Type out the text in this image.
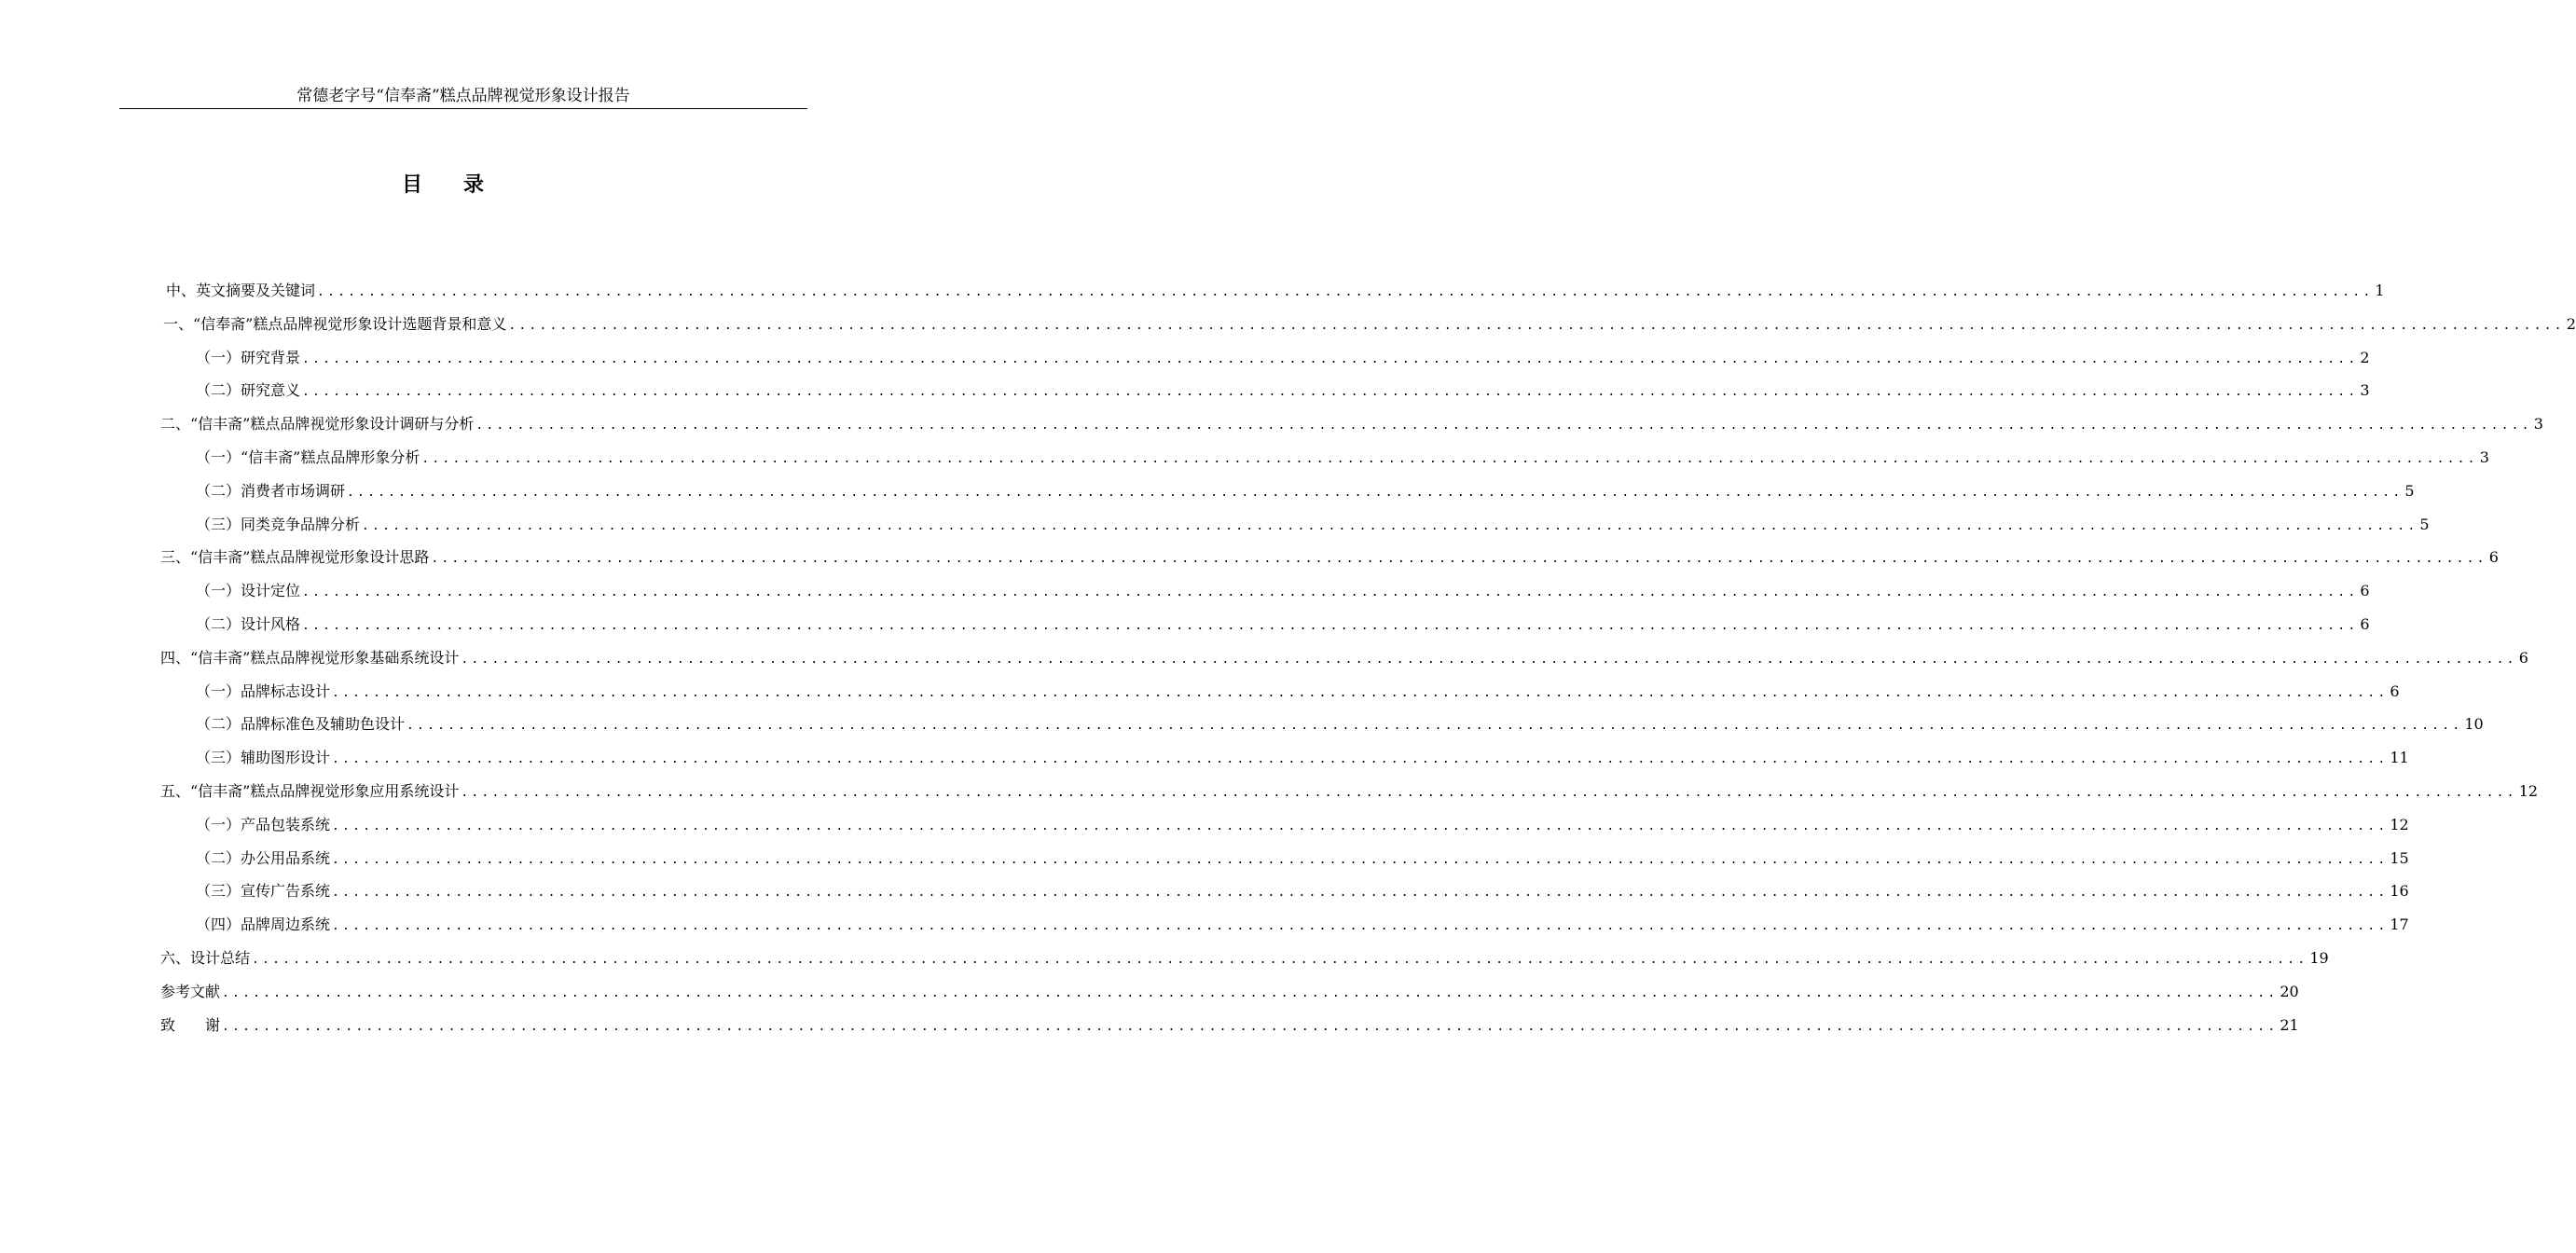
常德老字号“信奉斋”糕点品牌视觉形象设计报告
目录
中、英文摘要及关键词 ........................................................................................................................................................................................................ 1
一、“信奉斋”糕点品牌视觉形象设计选题背景和意义 ........................................................................................................................................................................................................ 2
（一）研究背景 ........................................................................................................................................................................................................ 2
（二）研究意义 ........................................................................................................................................................................................................ 3
二、“信丰斋”糕点品牌视觉形象设计调研与分析 ........................................................................................................................................................................................................ 3
（一）“信丰斋”糕点品牌形象分析 ........................................................................................................................................................................................................ 3
（二）消费者市场调研 ........................................................................................................................................................................................................ 5
（三）同类竞争品牌分析 ........................................................................................................................................................................................................ 5
三、“信丰斋”糕点品牌视觉形象设计思路 ........................................................................................................................................................................................................ 6
（一）设计定位 ........................................................................................................................................................................................................ 6
（二）设计风格 ........................................................................................................................................................................................................ 6
四、“信丰斋”糕点品牌视觉形象基础系统设计 ........................................................................................................................................................................................................ 6
（一）品牌标志设计 ........................................................................................................................................................................................................ 6
（二）品牌标准色及辅助色设计 ........................................................................................................................................................................................................ 10
（三）辅助图形设计 ........................................................................................................................................................................................................ 11
五、“信丰斋”糕点品牌视觉形象应用系统设计 ........................................................................................................................................................................................................ 12
（一）产品包装系统 ........................................................................................................................................................................................................ 12
（二）办公用品系统 ........................................................................................................................................................................................................ 15
（三）宣传广告系统 ........................................................................................................................................................................................................ 16
（四）品牌周边系统 ........................................................................................................................................................................................................ 17
六、设计总结 ........................................................................................................................................................................................................ 19
参考文献 ........................................................................................................................................................................................................ 20
致　　谢 ........................................................................................................................................................................................................ 21
